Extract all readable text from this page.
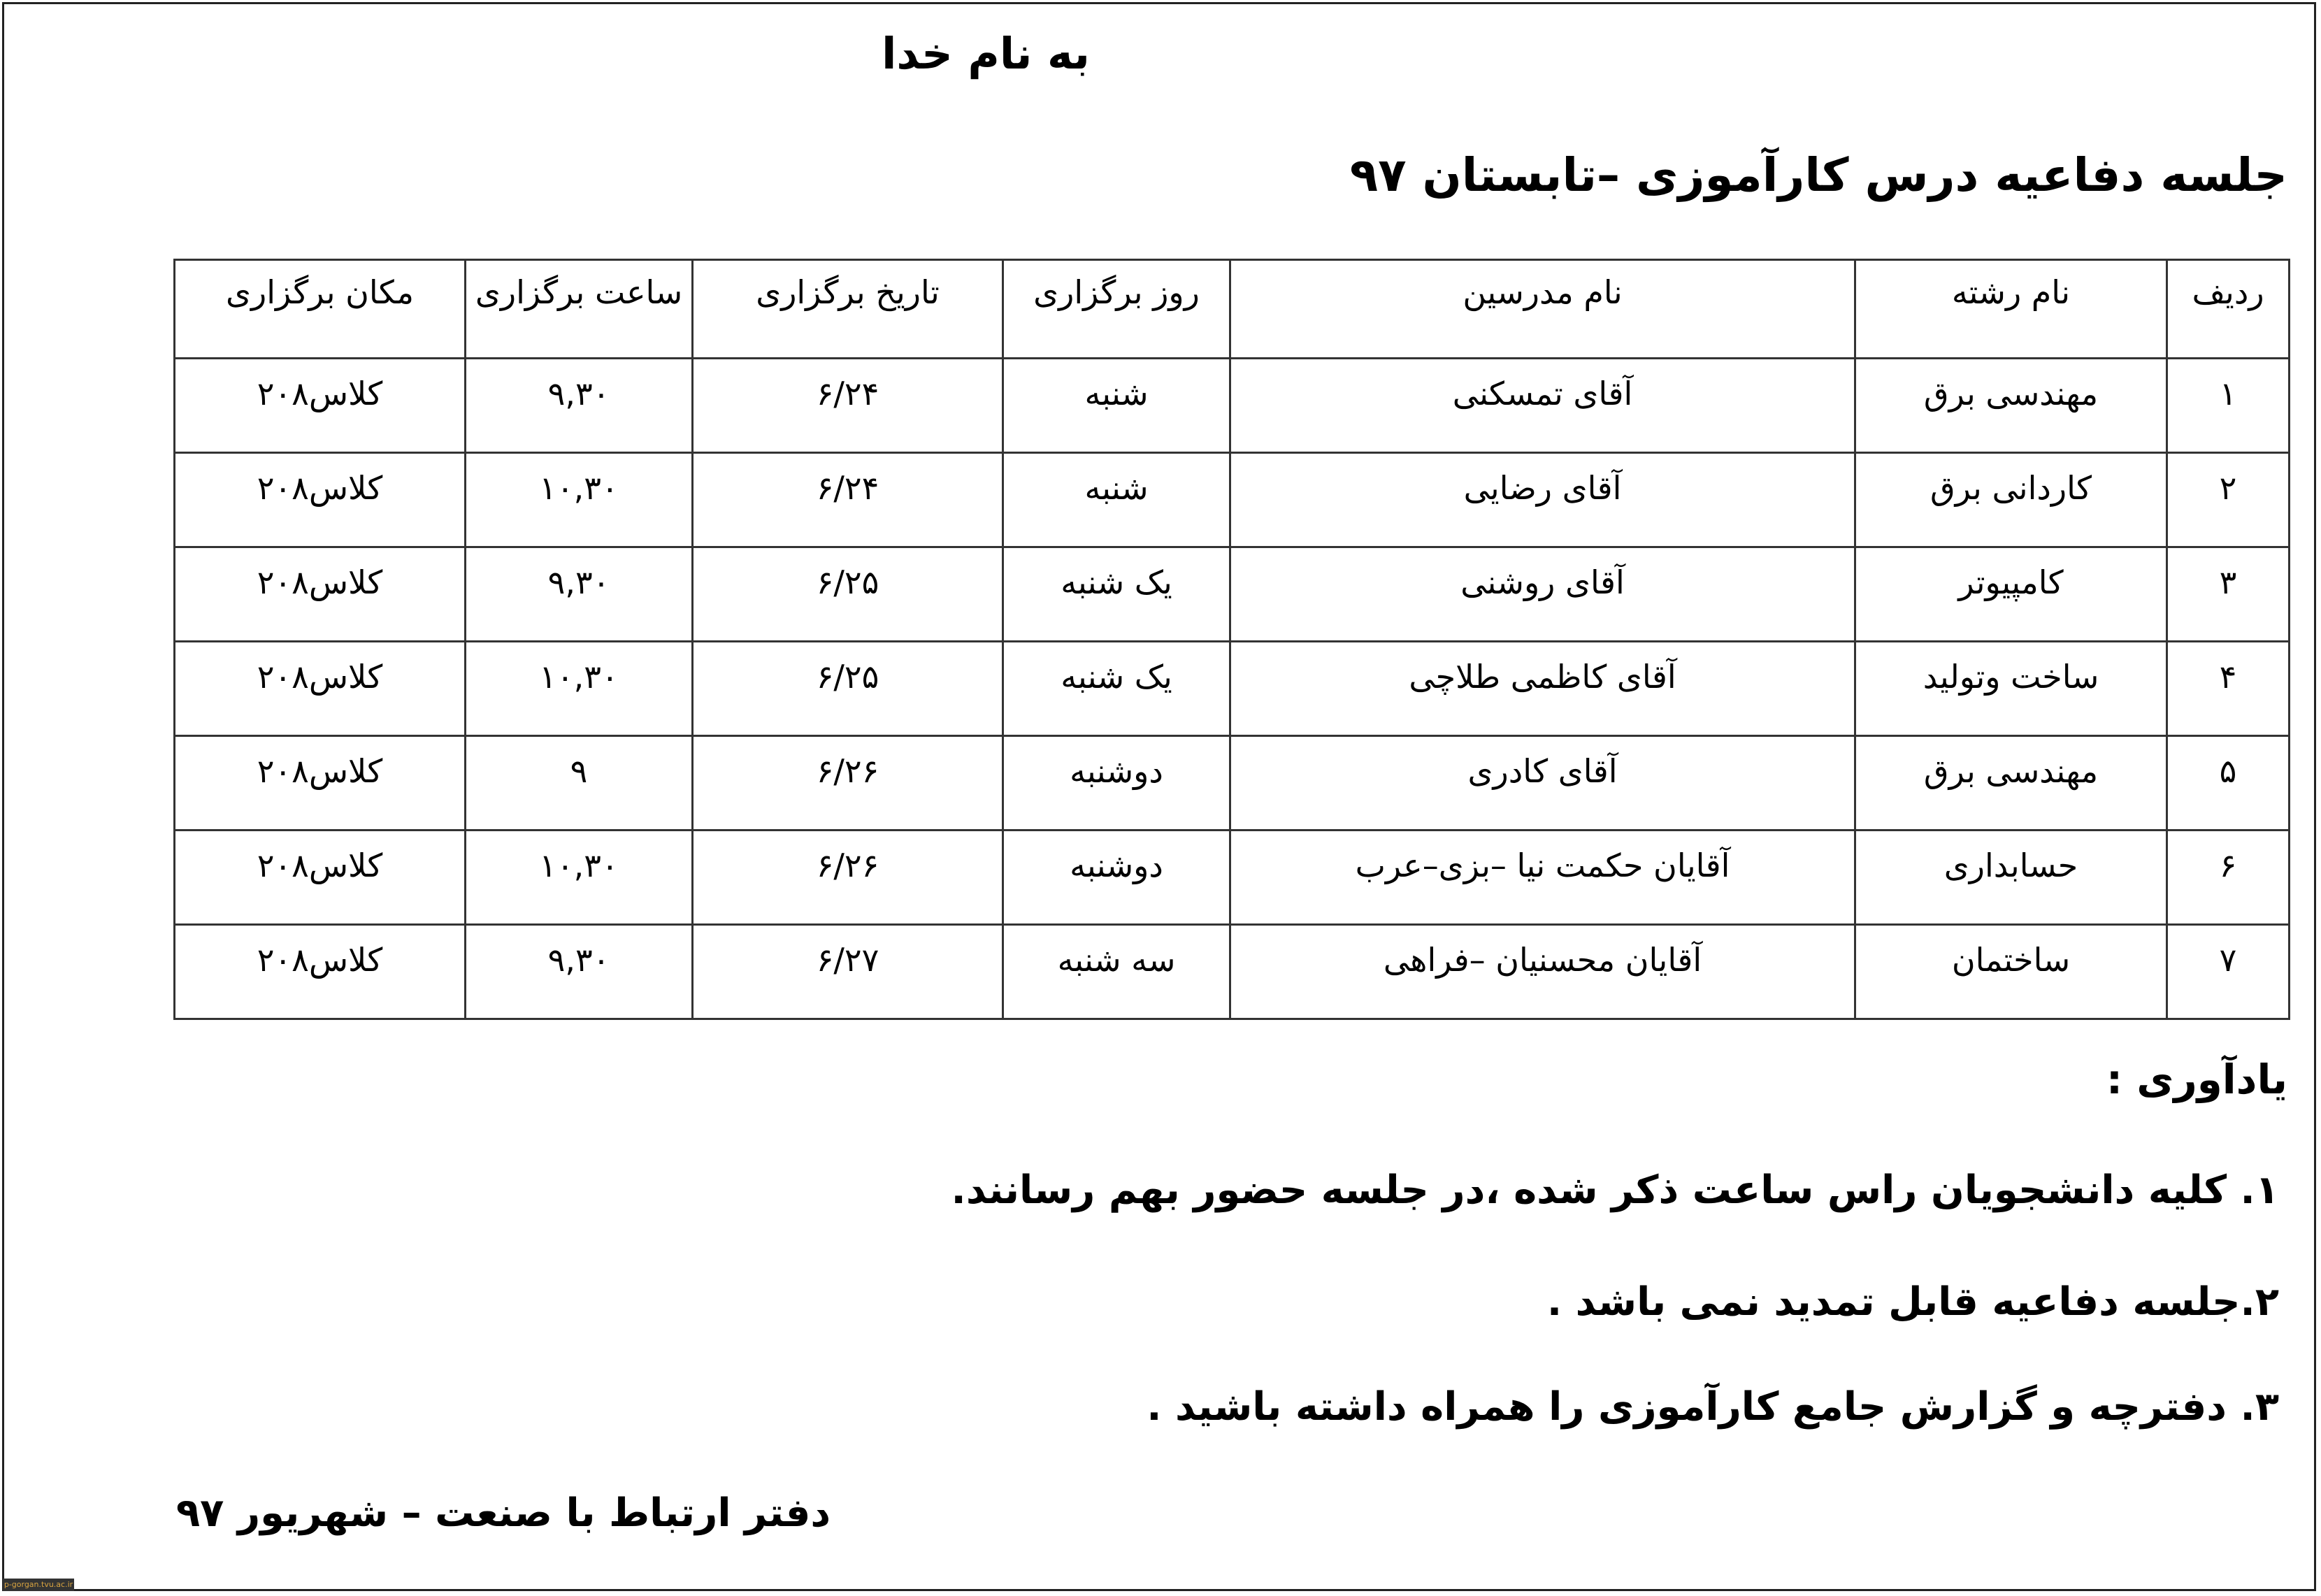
به نام خدا
جلسه دفاعیه درس کارآموزی –تابستان ۹۷
ردیف	نام رشته	نام مدرسین	روز برگزاری	تاریخ برگزاری	ساعت برگزاری	مکان برگزاری
۱	مهندسی برق	آقای تمسکنی	شنبه	۶/۲۴	۹,۳۰	کلاس۲۰۸
۲	کاردانی برق	آقای رضایی	شنبه	۶/۲۴	۱۰,۳۰	کلاس۲۰۸
۳	کامپیوتر	آقای روشنی	یک شنبه	۶/۲۵	۹,۳۰	کلاس۲۰۸
۴	ساخت وتولید	آقای کاظمی طلاچی	یک شنبه	۶/۲۵	۱۰,۳۰	کلاس۲۰۸
۵	مهندسی برق	آقای کادری	دوشنبه	۶/۲۶	۹	کلاس۲۰۸
۶	حسابداری	آقایان حکمت نیا –بزی–عرب	دوشنبه	۶/۲۶	۱۰,۳۰	کلاس۲۰۸
۷	ساختمان	آقایان محسنیان –فراهی	سه شنبه	۶/۲۷	۹,۳۰	کلاس۲۰۸
یادآوری :
۱. کلیه دانشجویان راس ساعت ذکر شده ،در جلسه حضور بهم رسانند.
۲.جلسه دفاعیه قابل تمدید نمی باشد .
۳. دفترچه و گزارش جامع کارآموزی را همراه داشته باشید .
دفتر ارتباط با صنعت – شهریور ۹۷
p-gorgan.tvu.ac.ir
